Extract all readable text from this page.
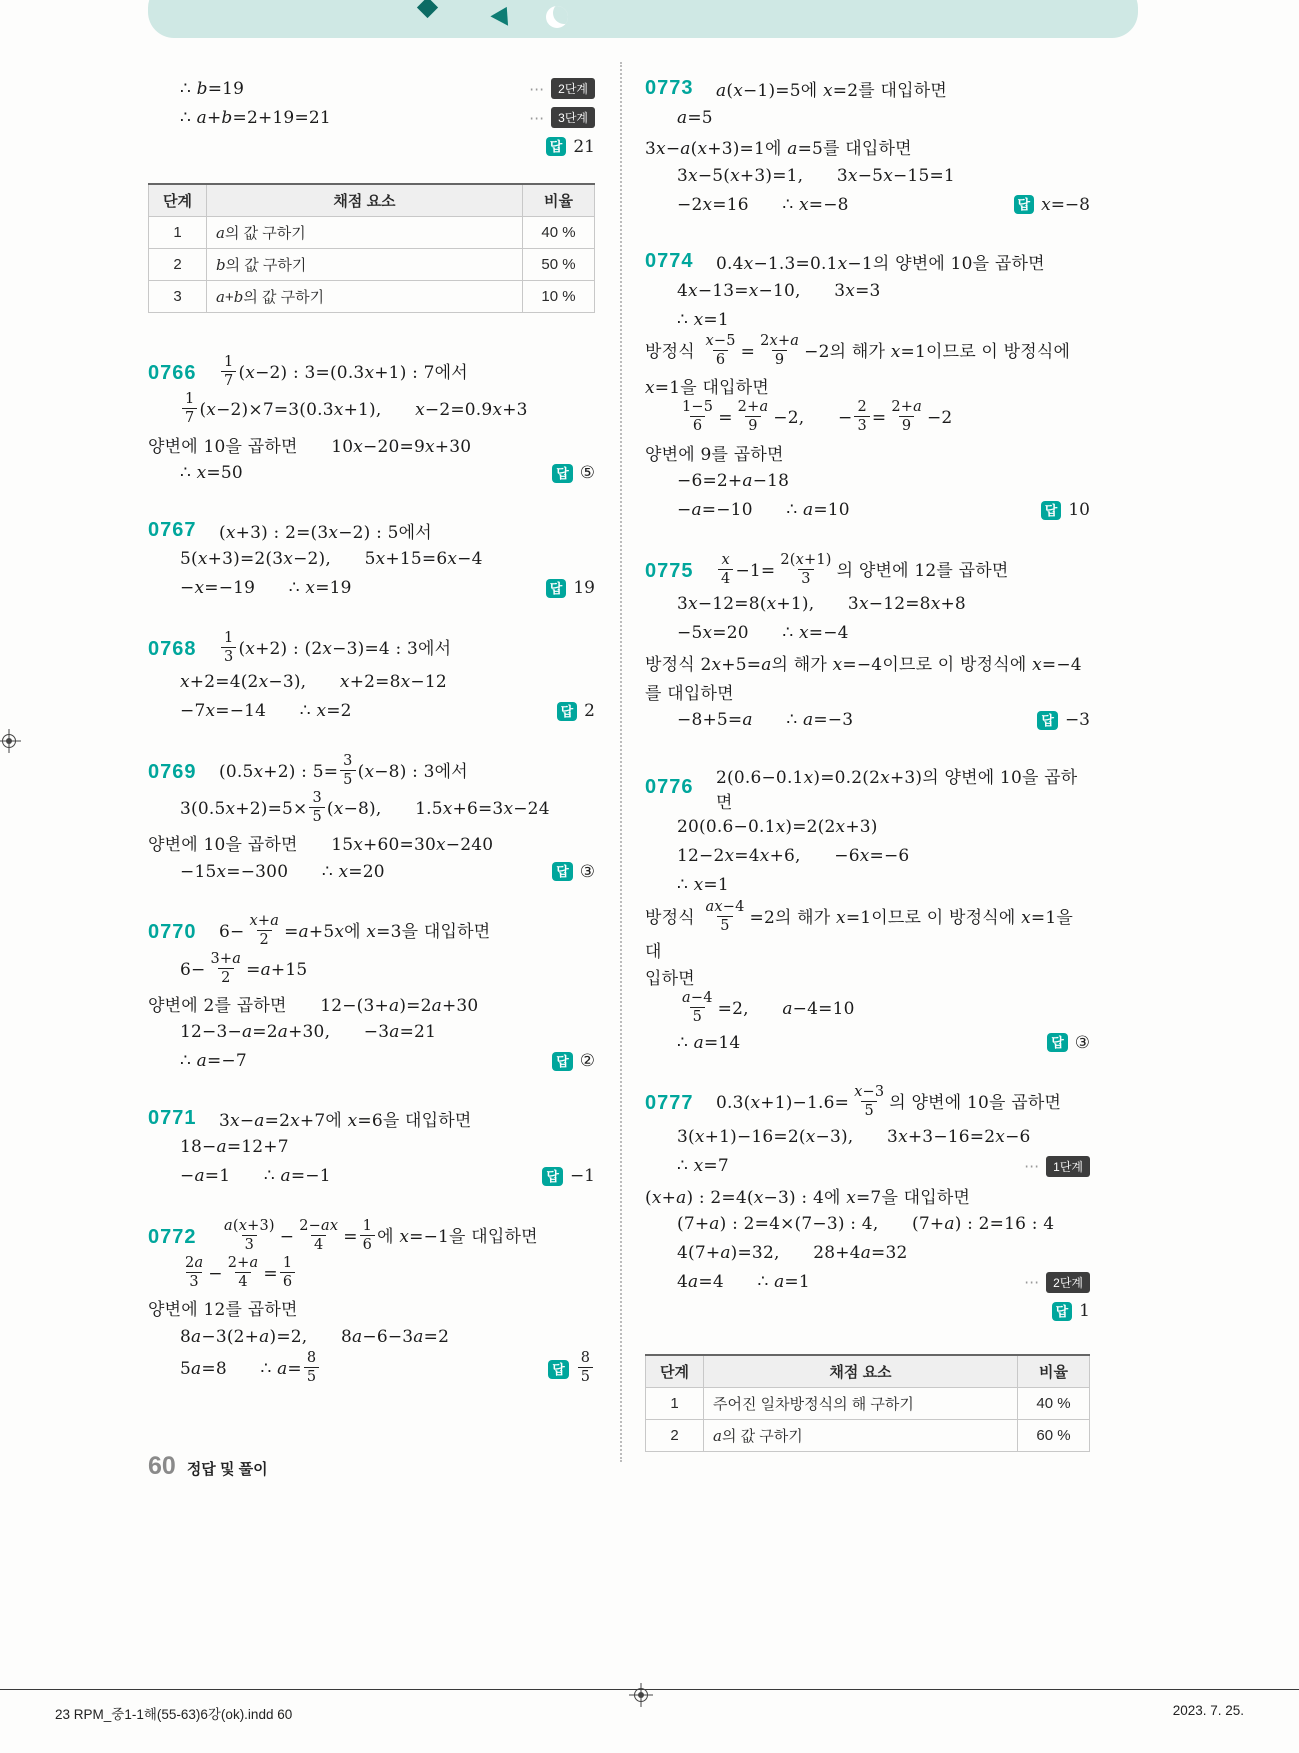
∴ b=19	⋯	2단계
∴ a+b=2+19=21	⋯	3단계
답 21
단계	채점 요소	비율
1	a의 값 구하기	40 %
2	b의 값 구하기	50 %
3	a+b의 값 구하기	10 %
0766	$\frac{1}{7} (x-2)$ : 3=(0.3x+1) : 7에서
$\frac{1}{7} (x-2)\times 7=3(0.3x+1)$,      x−2=0.9x+3
양변에 10을 곱하면      10x−20=9x+30
∴ x=50	답 ⑤
0767	(x+3) : 2=(3x−2) : 5에서
5(x+3)=2(3x−2),      5x+15=6x−4
−x=−19      ∴ x=19	답 19
0768	$\frac{1}{3} (x+2)$ : (2x−3)=4 : 3에서
x+2=4(2x−3),      x+2=8x−12
−7x=−14      ∴ x=2	답 2
0769	(0.5x+2) : $5= \frac{3}{5} (x-8)$ : 3에서
$3(0.5x+2)=5\times \frac{3}{5} (x-8)$,      1.5x+6=3x−24
양변에 10을 곱하면      15x+60=30x−240
−15x=−300      ∴ x=20	답 ③
0770	$6- \frac{x+a}{2} =a+5x$에 x=3을 대입하면
$6- \frac{3+a}{2} =a+15$
양변에 2를 곱하면      12−(3+a)=2a+30
12−3−a=2a+30,      −3a=21
∴ a=−7	답 ②
0771	3x−a=2x+7에 x=6을 대입하면
18−a=12+7
−a=1      ∴ a=−1	답 −1
0772	$\frac{a(x+3)}{3} - \frac{2-ax}{4} = \frac{1}{6}$ 에 x=−1을 대입하면
$\frac{2a}{3} - \frac{2+a}{4} = \frac{1}{6}$
양변에 12를 곱하면
8a−3(2+a)=2,      8a−6−3a=2
5a=8      ∴ $a= \frac{8}{5}$	답 $\frac{8}{5}$
0773	a(x−1)=5에 x=2를 대입하면
a=5
3x−a(x+3)=1에 a=5를 대입하면
3x−5(x+3)=1,      3x−5x−15=1
−2x=16      ∴ x=−8	답 x=−8
0774	0.4x−1.3=0.1x−1의 양변에 10을 곱하면
4x−13=x−10,      3x=3
∴ x=1
방정식 $\frac{x-5}{6} = \frac{2x+a}{9} -2$의 해가 x=1이므로 이 방정식에
x=1을 대입하면
$\frac{1-5}{6} = \frac{2+a}{9} -2$,      − $\frac{2}{3} = \frac{2+a}{9} -2$
양변에 9를 곱하면
−6=2+a−18
−a=−10      ∴ a=10	답 10
0775	$\frac{x}{4} -1= \frac{2(x+1)}{3}$ 의 양변에 12를 곱하면
3x−12=8(x+1),      3x−12=8x+8
−5x=20      ∴ x=−4
방정식 2x+5=a의 해가 x=−4이므로 이 방정식에 x=−4
를 대입하면
−8+5=a      ∴ a=−3	답 −3
0776	2(0.6−0.1x)=0.2(2x+3)의 양변에 10을 곱하면
20(0.6−0.1x)=2(2x+3)
12−2x=4x+6,      −6x=−6
∴ x=1
방정식 $\frac{ax-4}{5} =2$의 해가 x=1이므로 이 방정식에 x=1을 대
입하면
$\frac{a-4}{5} =2$,      a−4=10
∴ a=14	답 ③
0777	$0.3(x+1)-1.6= \frac{x-3}{5}$ 의 양변에 10을 곱하면
3(x+1)−16=2(x−3),      3x+3−16=2x−6
∴ x=7	⋯	1단계
(x+a) : 2=4(x−3) : 4에 x=7을 대입하면
(7+a) : 2=4×(7−3) : 4,      (7+a) : 2=16 : 4
4(7+a)=32,      28+4a=32
4a=4      ∴ a=1	⋯	2단계
답 1
단계	채점 요소	비율
1	주어진 일차방정식의 해 구하기	40 %
2	a의 값 구하기	60 %
60 정답 및 풀이
23 RPM_중1-1해(55-63)6강(ok).indd 60	2023. 7. 25.
